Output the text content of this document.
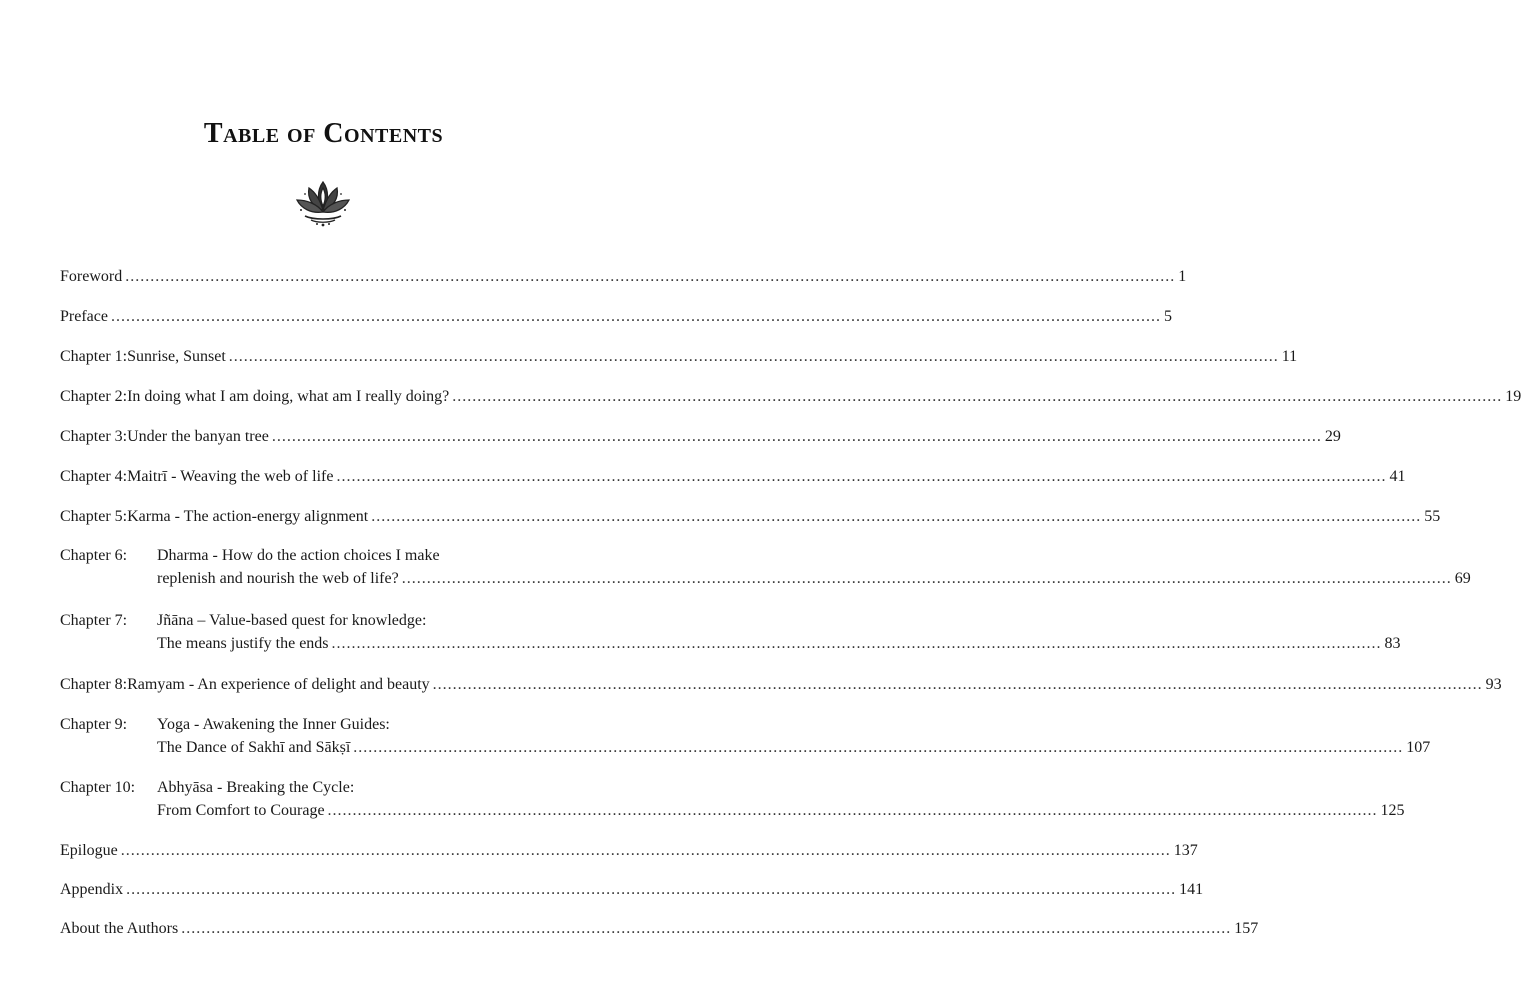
Table of Contents
Foreword .....	1
Preface .....	5
Chapter 1: Sunrise, Sunset .....	11
Chapter 2: In doing what I am doing, what am I really doing? .....	19
Chapter 3: Under the banyan tree .....	29
Chapter 4: Maitrī - Weaving the web of life .....	41
Chapter 5: Karma - The action-energy alignment .....	55
Chapter 6:	Dharma - How do the action choices I make
replenish and nourish the web of life? .....	69
Chapter 7:	Jñāna – Value-based quest for knowledge:
The means justify the ends .....	83
Chapter 8: Ramyam - An experience of delight and beauty .....	93
Chapter 9:	Yoga - Awakening the Inner Guides:
The Dance of Sakhī and Sākṣī .....	107
Chapter 10:	Abhyāsa - Breaking the Cycle:
From Comfort to Courage .....	125
Epilogue .....	137
Appendix .....	141
About the Authors .....	157
